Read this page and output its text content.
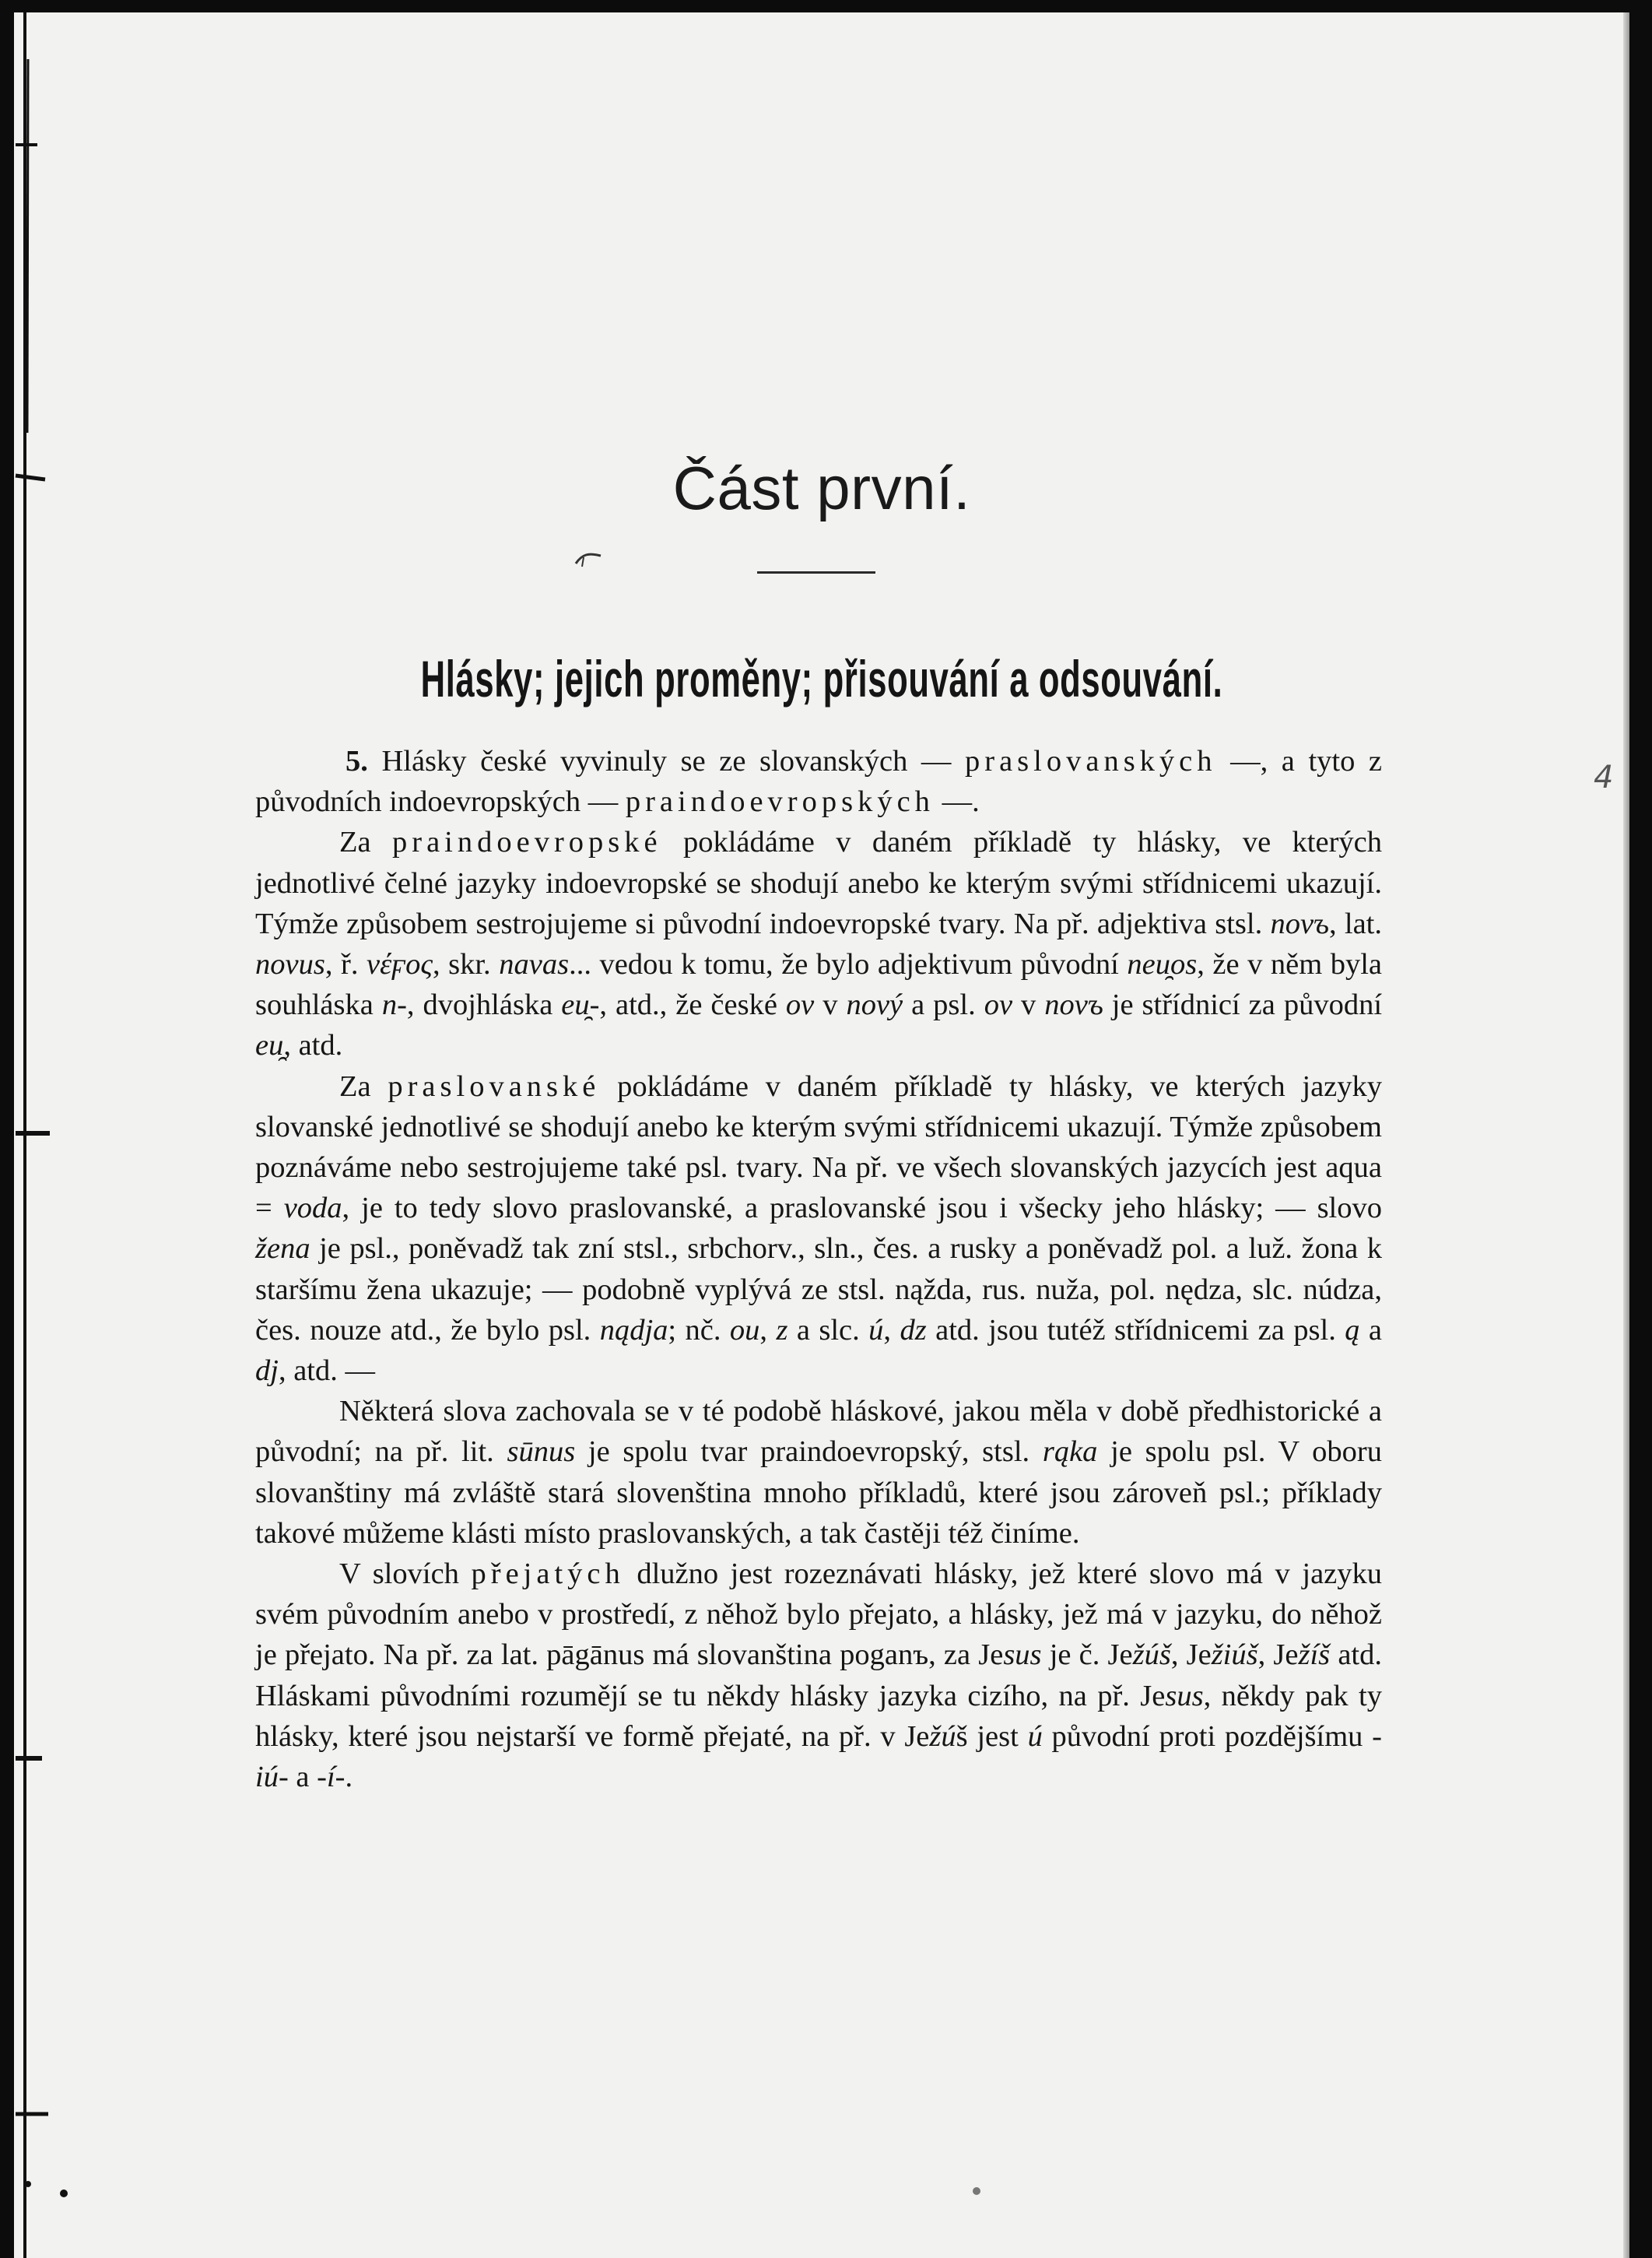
Část první.
4
Hlásky; jejich proměny; přisouvání a odsouvání.

5. Hlásky české vyvinuly se ze slovanských — praslovanských —, a tyto z původních indoevropských — praindoevropských —.

Za praindoevropské pokládáme v daném příkladě ty hlásky, ve kterých jednotlivé čelné jazyky indoevropské se shodují anebo ke kterým svými střídnicemi ukazují. Týmže způsobem sestrojujeme si původní indoevropské tvary. Na př. adjektiva stsl. novъ, lat. novus, ř. νέϝος, skr. navas... vedou k tomu, že bylo adjektivum původní neu̯os, že v něm byla souhláska n-, dvojhláska eu̯-, atd., že české ov v nový a psl. ov v novъ je střídnicí za původní eu̯, atd.

Za praslovanské pokládáme v daném příkladě ty hlásky, ve kterých jazyky slovanské jednotlivé se shodují anebo ke kterým svými střídnicemi ukazují. Týmže způsobem poznáváme nebo sestrojujeme také psl. tvary. Na př. ve všech slovanských jazycích jest aqua = voda, je to tedy slovo praslovanské, a praslovanské jsou i všecky jeho hlásky; — slovo žena je psl., poněvadž tak zní stsl., srbchorv., sln., čes. a rusky a poněvadž pol. a luž. žona k staršímu žena ukazuje; — podobně vyplývá ze stsl. nąžda, rus. nuža, pol. nędza, slc. núdza, čes. nouze atd., že bylo psl. nądja; nč. ou, z a slc. ú, dz atd. jsou tutéž střídnicemi za psl. ą a dj, atd. —

Některá slova zachovala se v té podobě hláskové, jakou měla v době předhistorické a původní; na př. lit. sūnus je spolu tvar praindoevropský, stsl. rąka je spolu psl. V oboru slovanštiny má zvláště stará slovenština mnoho příkladů, které jsou zároveň psl.; příklady takové můžeme klásti místo praslovanských, a tak častěji též činíme.

V slovích přejatých dlužno jest rozeznávati hlásky, jež které slovo má v jazyku svém původním anebo v prostředí, z něhož bylo přejato, a hlásky, jež má v jazyku, do něhož je přejato. Na př. za lat. pāgānus má slovanština poganъ, za Jesus je č. Ježúš, Ježiúš, Ježíš atd. Hláskami původními rozumějí se tu někdy hlásky jazyka cizího, na př. Jesus, někdy pak ty hlásky, které jsou nejstarší ve formě přejaté, na př. v Ježúš jest ú původní proti pozdějšímu -iú- a -í-.
